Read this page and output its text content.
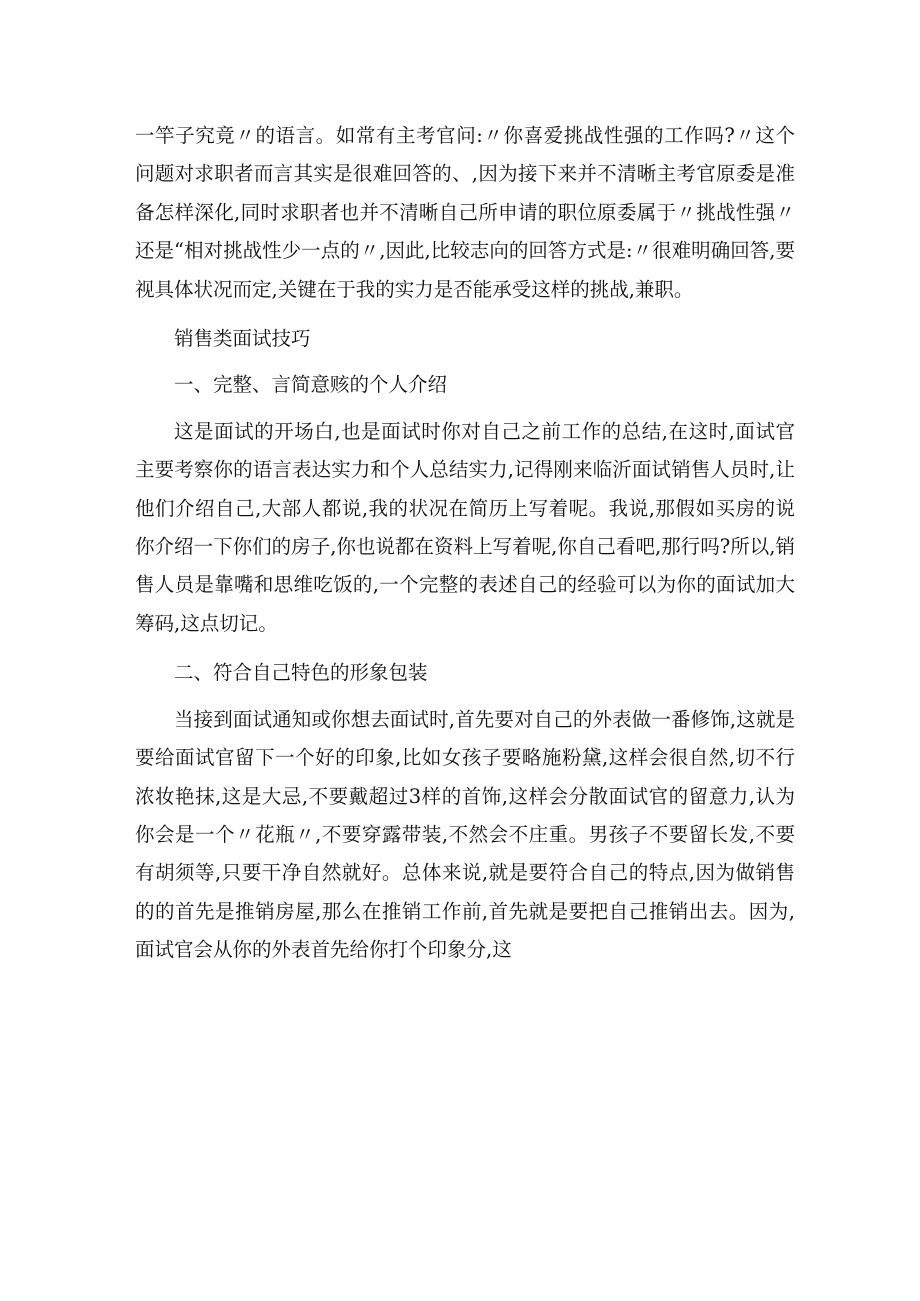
一竿子究竟〃的语言。如常有主考官问:〃你喜爱挑战性强的工作吗?〃这个问题对求职者而言其实是很难回答的、,因为接下来并不清晰主考官原委是准备怎样深化,同时求职者也并不清晰自己所申请的职位原委属于〃挑战性强〃还是“相对挑战性少一点的〃,因此,比较志向的回答方式是:〃很难明确回答,要视具体状况而定,关键在于我的实力是否能承受这样的挑战,兼职。

销售类面试技巧

一、完整、言简意赅的个人介绍

这是面试的开场白,也是面试时你对自己之前工作的总结,在这时,面试官主要考察你的语言表达实力和个人总结实力,记得刚来临沂面试销售人员时,让他们介绍自己,大部人都说,我的状况在简历上写着呢。我说,那假如买房的说你介绍一下你们的房子,你也说都在资料上写着呢,你自己看吧,那行吗?所以,销售人员是靠嘴和思维吃饭的,一个完整的表述自己的经验可以为你的面试加大筹码,这点切记。

二、符合自己特色的形象包装

当接到面试通知或你想去面试时,首先要对自己的外表做一番修饰,这就是要给面试官留下一个好的印象,比如女孩子要略施粉黛,这样会很自然,切不行浓妆艳抹,这是大忌,不要戴超过3样的首饰,这样会分散面试官的留意力,认为你会是一个〃花瓶〃,不要穿露带装,不然会不庄重。男孩子不要留长发,不要有胡须等,只要干净自然就好。总体来说,就是要符合自己的特点,因为做销售的的首先是推销房屋,那么在推销工作前,首先就是要把自己推销出去。因为,面试官会从你的外表首先给你打个印象分,这
